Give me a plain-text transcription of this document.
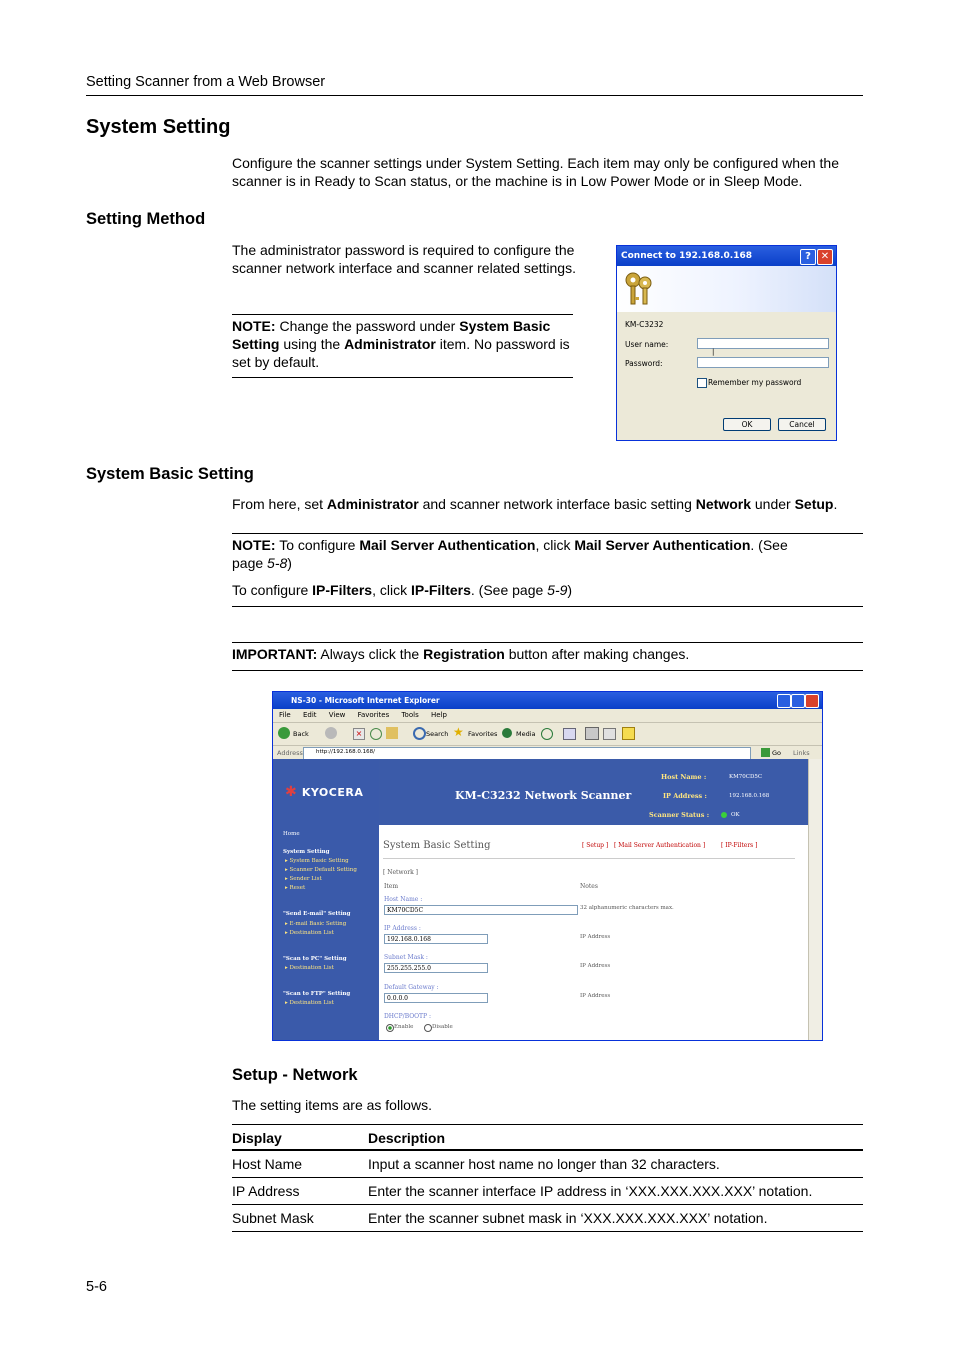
Setting Scanner from a Web Browser
System Setting
Configure the scanner settings under System Setting. Each item may only be configured when the scanner is in Ready to Scan status, or the machine is in Low Power Mode or in Sleep Mode.
Setting Method
The administrator password is required to configure the scanner network interface and scanner related settings.
NOTE: Change the password under System Basic Setting using the Administrator item. No password is set by default.
Connect to 192.168.0.168	? ✕
KM-C3232
User name:
|
Password:
Remember my password
OK	Cancel
System Basic Setting
From here, set Administrator and scanner network interface basic setting Network under Setup.
NOTE: To configure Mail Server Authentication, click Mail Server Authentication. (See
page 5-8)
To configure IP-Filters, click IP-Filters. (See page 5-9)
IMPORTANT: Always click the Registration button after making changes.
NS-30 - Microsoft Internet Explorer
File Edit View Favorites Tools Help
Back	×	Search ★ Favorites	Media
Address http://192.168.0.168/	Go Links
✱ KYOCERA
Home
System Setting
▸ System Basic Setting
▸ Scanner Default Setting
▸ Sender List
▸ Reset
"Send E-mail" Setting
▸ E-mail Basic Setting
▸ Destination List
"Scan to PC" Setting
▸ Destination List
"Scan to FTP" Setting
▸ Destination List
KM-C3232 Network Scanner
Host Name :	KM70CD5C
IP Address :	192.168.0.168
Scanner Status :	OK
System Basic Setting	[ Setup ] [ Mail Server Authentication ]	[ IP-Filters ]
[ Network ]
Item	Notes
Host Name :
KM70CD5C	32 alphanumeric characters max.
IP Address :
192.168.0.168	IP Address
Subnet Mask :
255.255.255.0	IP Address
Default Gateway :
0.0.0.0	IP Address
DHCP/BOOTP :
Enable	Disable
Setup - Network
The setting items are as follows.
Display	Description
Host Name	Input a scanner host name no longer than 32 characters.
IP Address	Enter the scanner interface IP address in ‘XXX.XXX.XXX.XXX’ notation.
Subnet Mask	Enter the scanner subnet mask in ‘XXX.XXX.XXX.XXX’ notation.
5-6
